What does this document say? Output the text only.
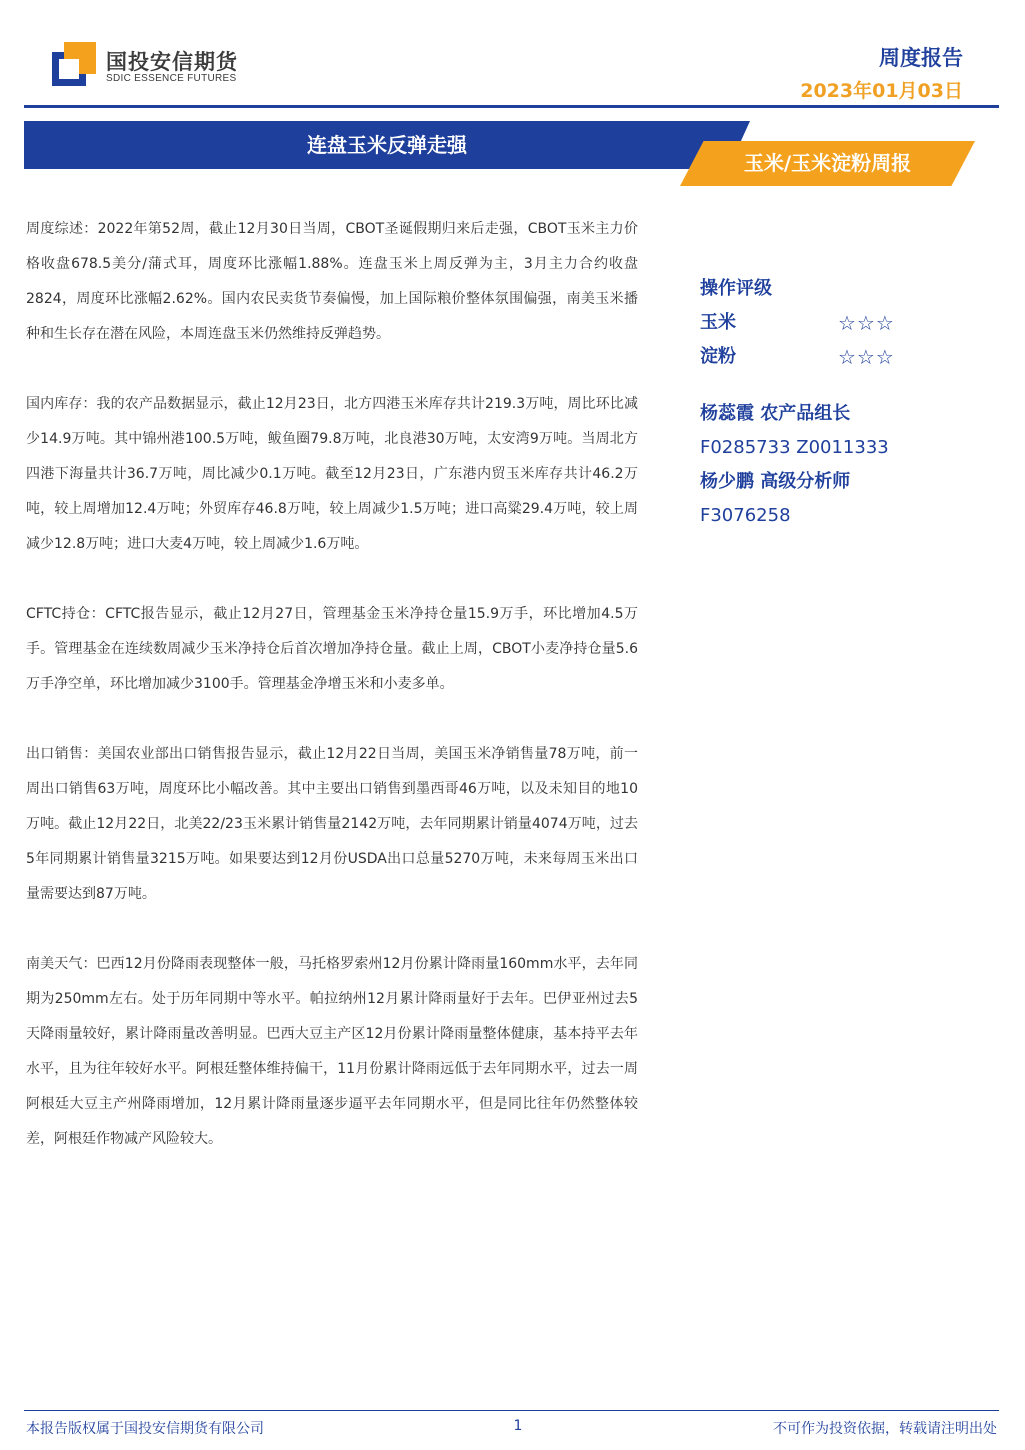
国投安信期货
SDIC ESSENCE FUTURES
周度报告
2023年01月03日
连盘玉米反弹走强
玉米/玉米淀粉周报

周度综述：2022年第52周，截止12月30日当周，CBOT圣诞假期归来后走强，CBOT玉米主力价格收盘678.5美分/蒲式耳，周度环比涨幅1.88%。连盘玉米上周反弹为主，3月主力合约收盘2824，周度环比涨幅2.62%。国内农民卖货节奏偏慢，加上国际粮价整体氛围偏强，南美玉米播种和生长存在潜在风险，本周连盘玉米仍然维持反弹趋势。

国内库存：我的农产品数据显示，截止12月23日，北方四港玉米库存共计219.3万吨，周比环比减少14.9万吨。其中锦州港100.5万吨，鲅鱼圈79.8万吨，北良港30万吨，太安湾9万吨。当周北方四港下海量共计36.7万吨，周比减少0.1万吨。截至12月23日，广东港内贸玉米库存共计46.2万吨，较上周增加12.4万吨；外贸库存46.8万吨，较上周减少1.5万吨；进口高粱29.4万吨，较上周减少12.8万吨；进口大麦4万吨，较上周减少1.6万吨。

CFTC持仓：CFTC报告显示，截止12月27日，管理基金玉米净持仓量15.9万手，环比增加4.5万手。管理基金在连续数周减少玉米净持仓后首次增加净持仓量。截止上周，CBOT小麦净持仓量5.6万手净空单，环比增加减少3100手。管理基金净增玉米和小麦多单。

出口销售：美国农业部出口销售报告显示，截止12月22日当周，美国玉米净销售量78万吨，前一周出口销售63万吨，周度环比小幅改善。其中主要出口销售到墨西哥46万吨，以及未知目的地10万吨。截止12月22日，北美22/23玉米累计销售量2142万吨，去年同期累计销量4074万吨，过去5年同期累计销售量3215万吨。如果要达到12月份USDA出口总量5270万吨，未来每周玉米出口量需要达到87万吨。

南美天气：巴西12月份降雨表现整体一般，马托格罗索州12月份累计降雨量160mm水平，去年同期为250mm左右。处于历年同期中等水平。帕拉纳州12月累计降雨量好于去年。巴伊亚州过去5天降雨量较好，累计降雨量改善明显。巴西大豆主产区12月份累计降雨量整体健康，基本持平去年水平，且为往年较好水平。阿根廷整体维持偏干，11月份累计降雨远低于去年同期水平，过去一周阿根廷大豆主产州降雨增加，12月累计降雨量逐步逼平去年同期水平，但是同比往年仍然整体较差，阿根廷作物减产风险较大。

操作评级
玉米	☆☆☆
淀粉	☆☆☆
杨蕊霞 农产品组长
F0285733 Z0011333
杨少鹏 高级分析师
F3076258
本报告版权属于国投安信期货有限公司	1	不可作为投资依据，转载请注明出处
